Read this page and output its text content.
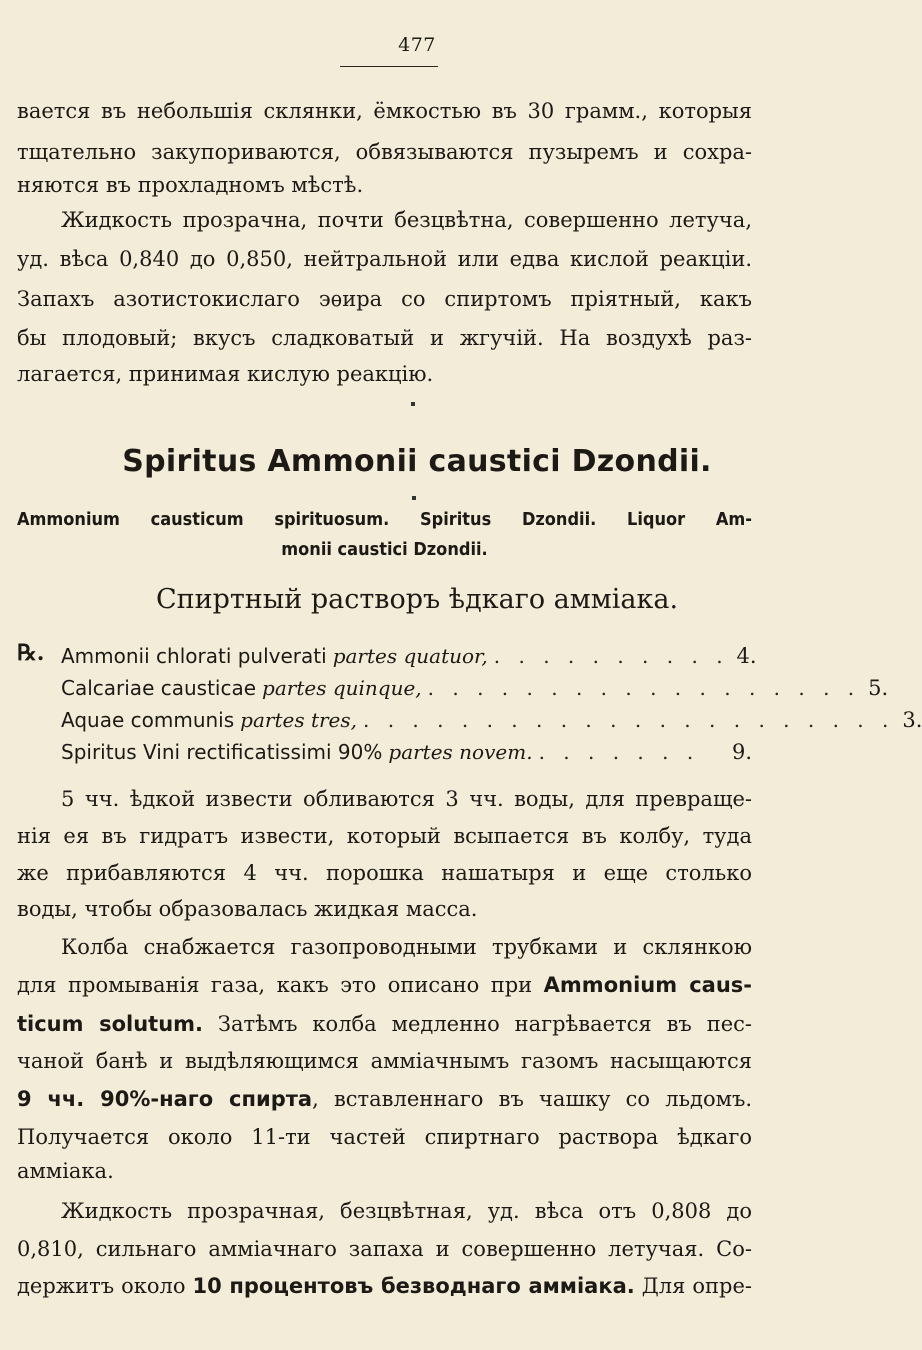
477
вается въ небольшія склянки, ёмкостью въ 30 грамм., которыя
тщательно закупориваются, обвязываются пузыремъ и сохра-
няются въ прохладномъ мѣстѣ.
Жидкость прозрачна, почти безцвѣтна, совершенно летуча,
уд. вѣса 0,840 до 0,850, нейтральной или едва кислой реакціи.
Запахъ азотистокислаго эѳира со спиртомъ пріятный, какъ
бы плодовый; вкусъ сладковатый и жгучій. На воздухѣ раз-
лагается, принимая кислую реакцію.
Spiritus Ammonii caustici Dzondii.
Ammonium causticum spirituosum. Spiritus Dzondii. Liquor Am-
monii caustici Dzondii.
Спиртный растворъ ѣдкаго амміака.
℞. Ammonii chlorati pulverati partes quatuor, . . . . . . . . . . 4.
Calcariae causticae partes quinque, . . . . . . . . . . . . . . . . . . 5.
Aquae communis partes tres, . . . . . . . . . . . . . . . . . . . . . . 3.
Spiritus Vini rectificatissimi 90% partes novem. . . . . . . .	9.
5 чч. ѣдкой извести обливаются 3 чч. воды, для превраще-
нія ея въ гидратъ извести, который всыпается въ колбу, туда
же прибавляются 4 чч. порошка нашатыря и еще столько
воды, чтобы образовалась жидкая масса.
Колба снабжается газопроводными трубками и склянкою
для промыванія газа, какъ это описано при Ammonium caus-
ticum solutum. Затѣмъ колба медленно нагрѣвается въ пес-
чаной банѣ и выдѣляющимся амміачнымъ газомъ насыщаются
9 чч. 90%-наго спирта, вставленнаго въ чашку со льдомъ.
Получается около 11-ти частей спиртнаго раствора ѣдкаго
амміака.
Жидкость прозрачная, безцвѣтная, уд. вѣса отъ 0,808 до
0,810, сильнаго амміачнаго запаха и совершенно летучая. Со-
держитъ около 10 процентовъ безводнаго амміака. Для опре-
